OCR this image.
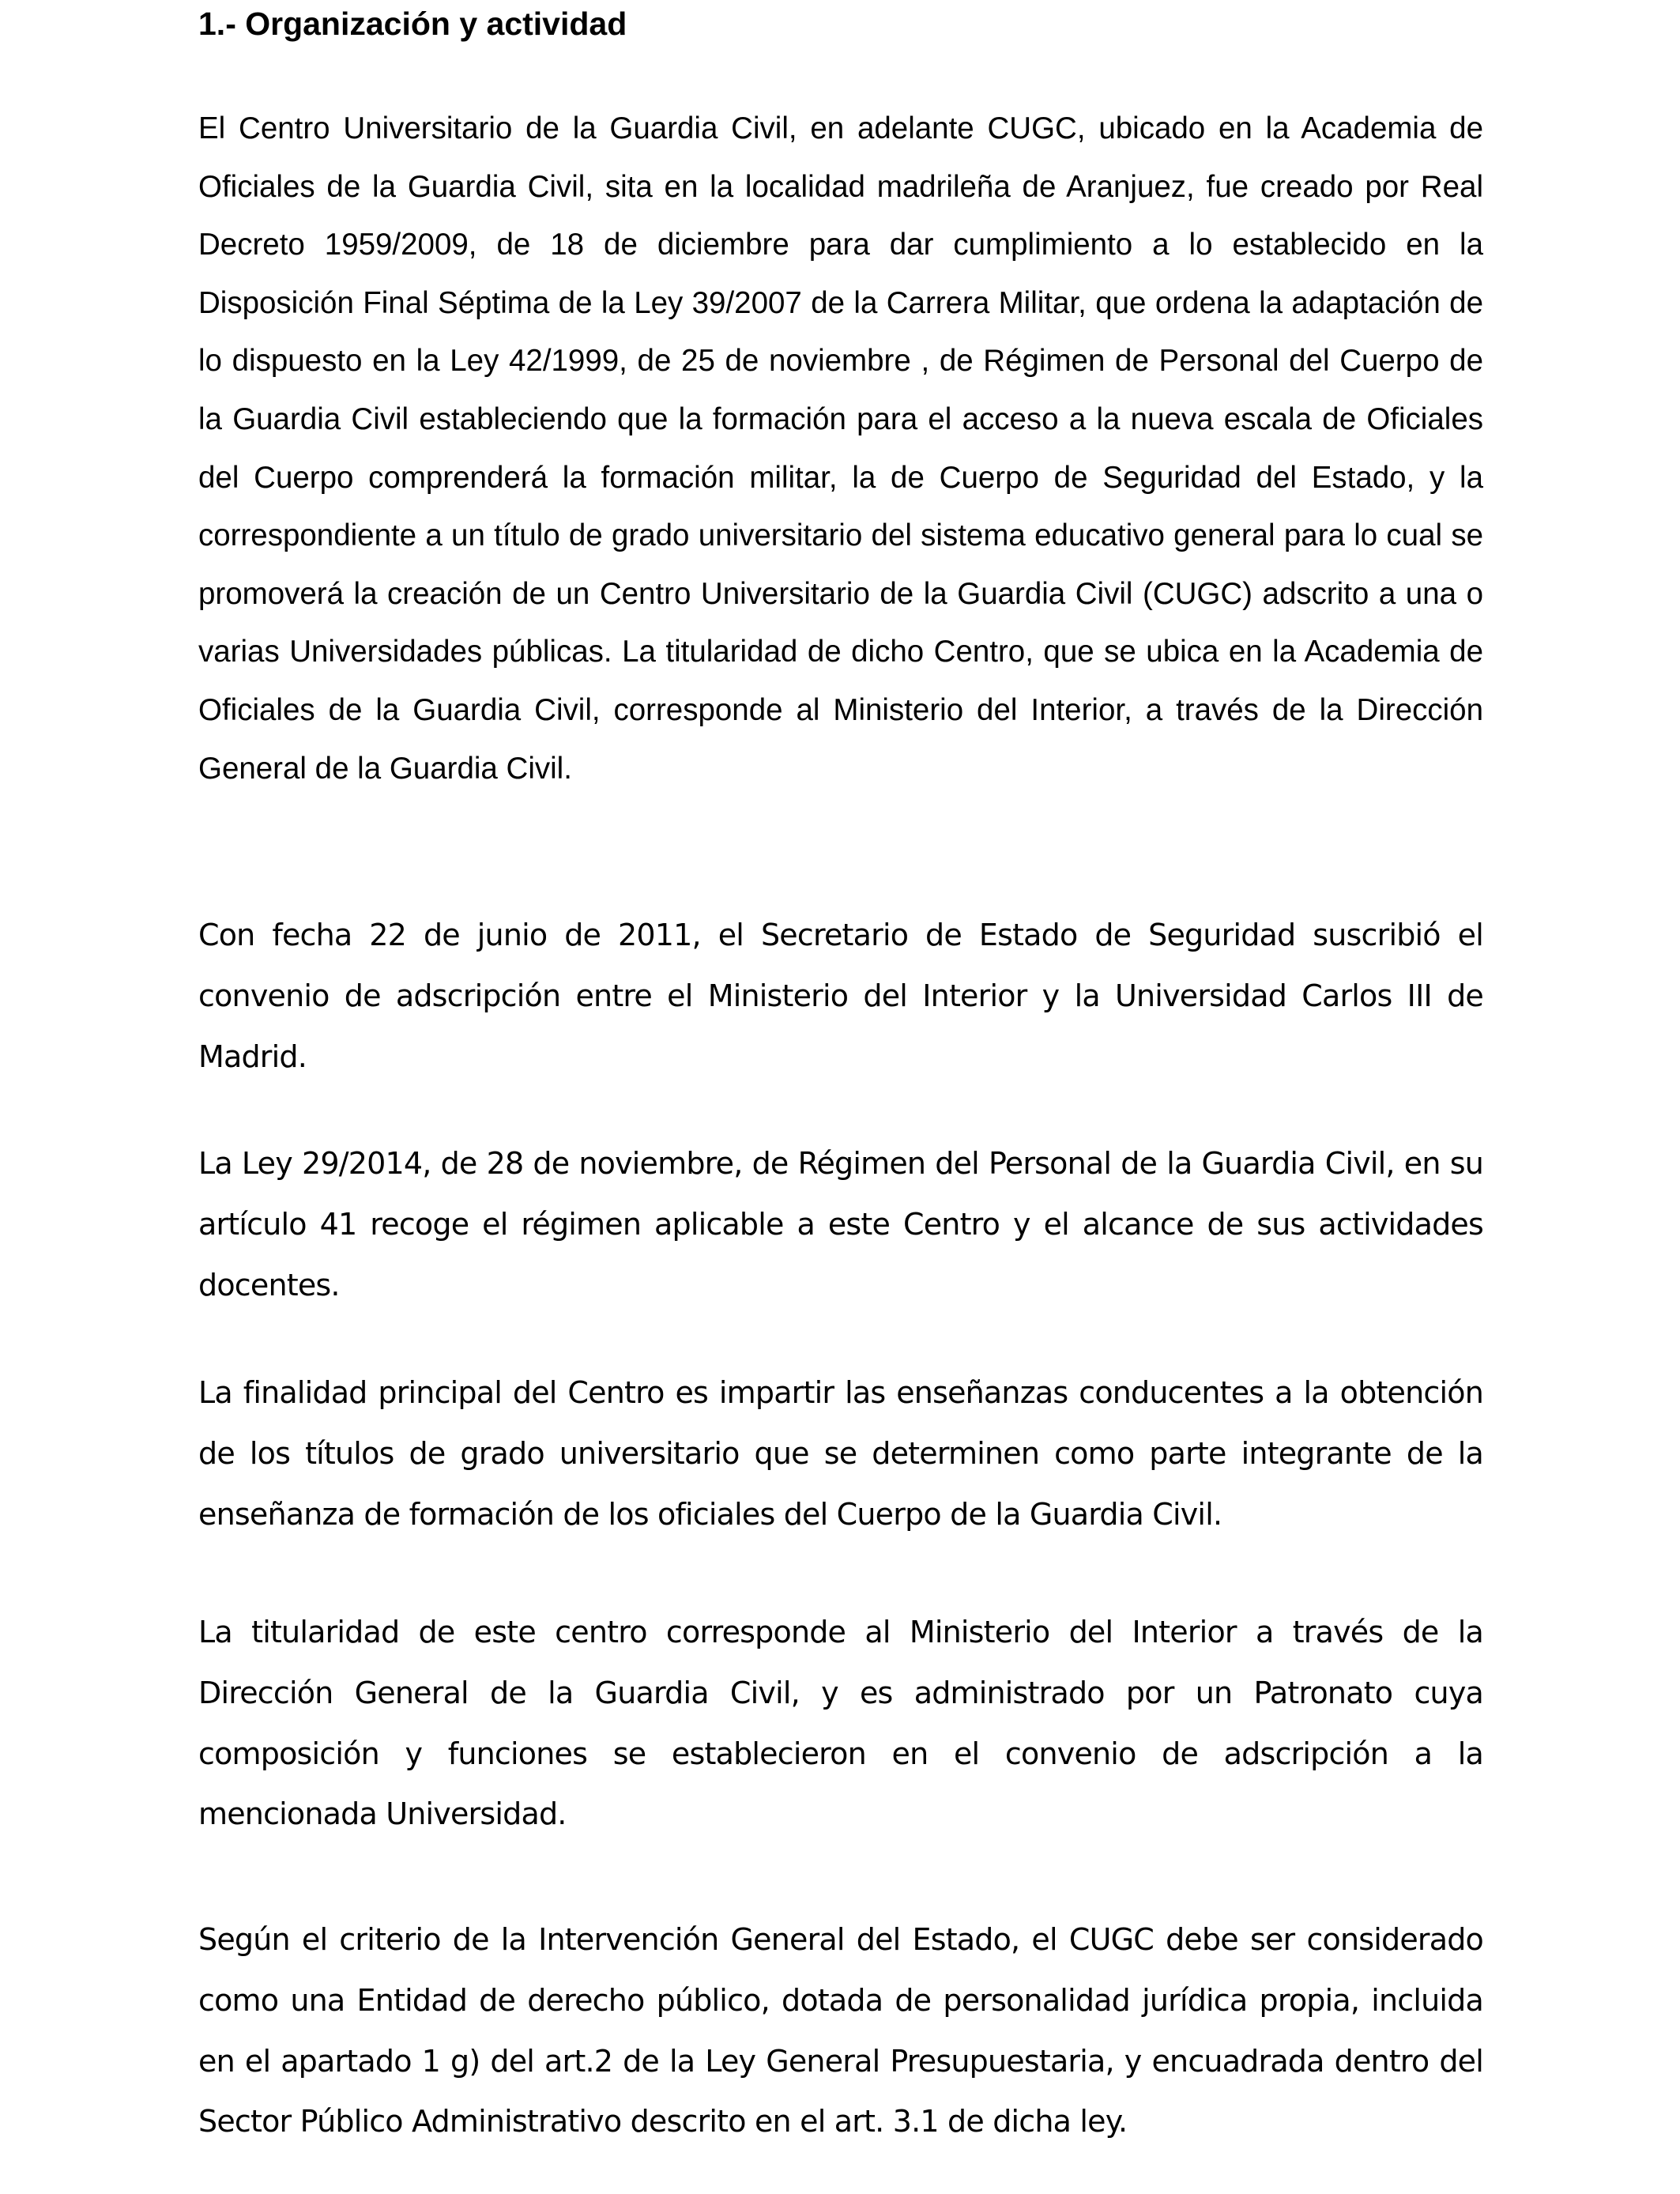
1.- Organización y actividad

El Centro Universitario de la Guardia Civil, en adelante CUGC, ubicado en la Academia de Oficiales de la Guardia Civil, sita en la localidad madrileña de Aranjuez, fue creado por Real Decreto 1959/2009, de 18 de diciembre para dar cumplimiento a lo establecido en la Disposición Final Séptima de la Ley 39/2007 de la Carrera Militar, que ordena la adaptación de lo dispuesto en la Ley 42/1999, de 25 de noviembre , de Régimen de Personal del Cuerpo de la Guardia Civil estableciendo que la formación para el acceso a la nueva escala de Oficiales del Cuerpo comprenderá la formación militar, la de Cuerpo de Seguridad del Estado, y la correspondiente a un título de grado universitario del sistema educativo general para lo cual se promoverá la creación de un Centro Universitario de la Guardia Civil (CUGC) adscrito a una o varias Universidades públicas. La titularidad de dicho Centro, que se ubica en la Academia de Oficiales de la Guardia Civil, corresponde al Ministerio del Interior, a través de la Dirección General de la Guardia Civil.

Con fecha 22 de junio de 2011, el Secretario de Estado de Seguridad suscribió el convenio de adscripción entre el Ministerio del Interior y la Universidad Carlos III de Madrid.

La Ley 29/2014, de 28 de noviembre, de Régimen del Personal de la Guardia Civil, en su artículo 41 recoge el régimen aplicable a este Centro y el alcance de sus actividades docentes.

La finalidad principal del Centro es impartir las enseñanzas conducentes a la obtención de los títulos de grado universitario que se determinen como parte integrante de la enseñanza de formación de los oficiales del Cuerpo de la Guardia Civil.

La titularidad de este centro corresponde al Ministerio del Interior a través de la Dirección General de la Guardia Civil, y es administrado por un Patronato cuya composición y funciones se establecieron en el convenio de adscripción a la mencionada Universidad.

Según el criterio de la Intervención General del Estado, el CUGC debe ser considerado como una Entidad de derecho público, dotada de personalidad jurídica propia, incluida en el apartado 1 g) del art.2 de la Ley General Presupuestaria, y encuadrada dentro del Sector Público Administrativo descrito en el art. 3.1 de dicha ley.
